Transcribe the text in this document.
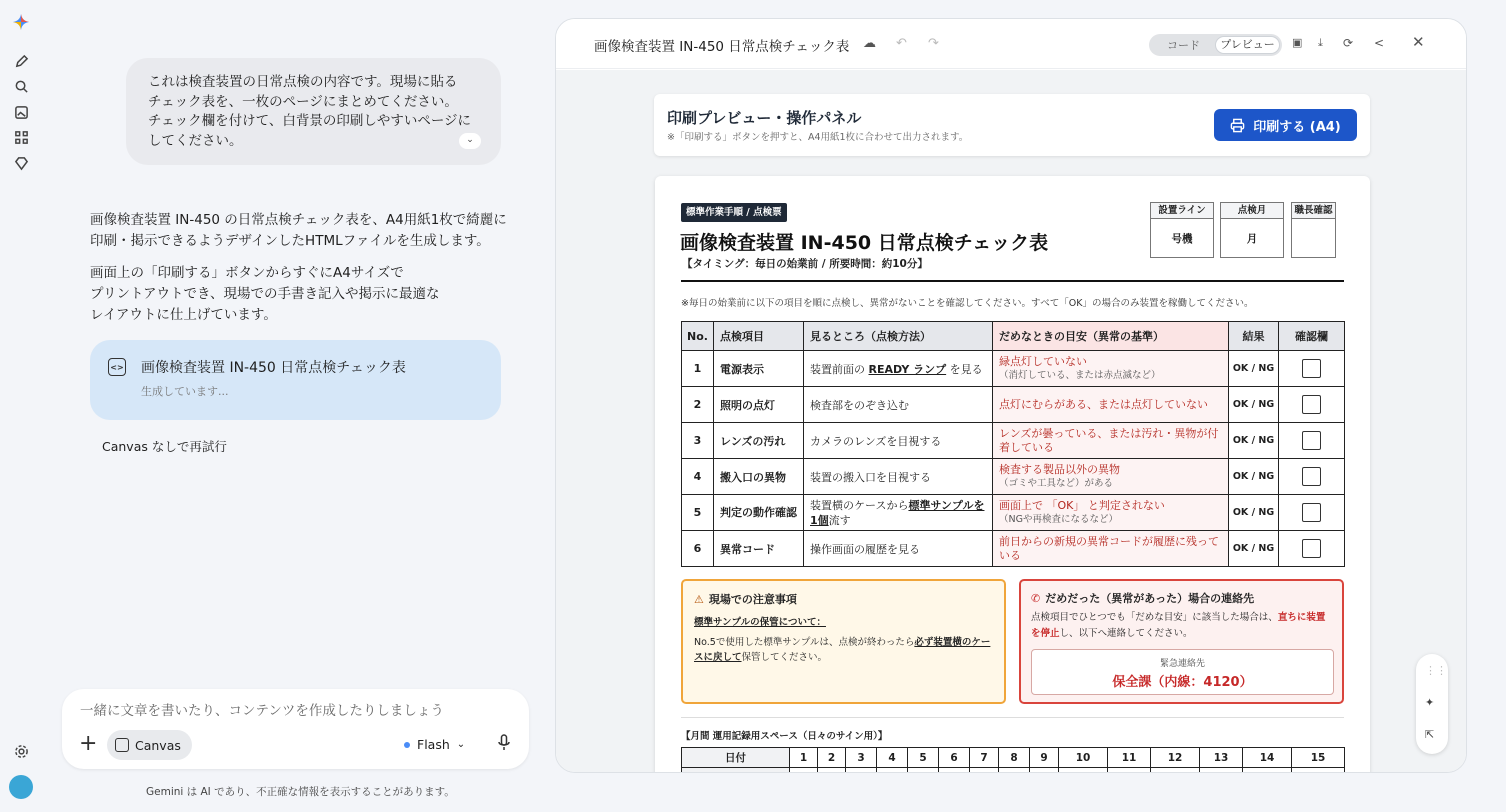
これは検査装置の日常点検の内容です。現場に貼る
チェック表を、一枚のページにまとめてください。
チェック欄を付けて、白背景の印刷しやすいページに
してください。	⌄

画像検査装置 IN-450 の日常点検チェック表を、A4用紙1枚で綺麗に
印刷・掲示できるようデザインしたHTMLファイルを生成します。

画面上の「印刷する」ボタンからすぐにA4サイズで
プリントアウトでき、現場での手書き記入や掲示に最適な
レイアウトに仕上げています。

<> 画像検査装置 IN-450 日常点検チェック表
生成しています...
Canvas なしで再試行
一緒に文章を書いたり、コンテンツを作成したりしましょう
+	Canvas	Flash ⌄
Gemini は AI であり、不正確な情報を表示することがあります。
画像検査装置 IN-450 日常点検チェック表 ☁ ↶ ↷	コード	プレビュー	▣ ⤓ ⟳ < ✕
印刷プレビュー・操作パネル
※「印刷する」ボタンを押すと、A4用紙1枚に合わせて出力されます。
印刷する (A4)
標準作業手順 / 点検票
画像検査装置 IN-450 日常点検チェック表
【タイミング：毎日の始業前 / 所要時間：約10分】
設置ライン
号機
点検月
月
職長確認
※毎日の始業前に以下の項目を順に点検し、異常がないことを確認してください。すべて「OK」の場合のみ装置を稼働してください。
No.	点検項目	見るところ（点検方法）	だめなときの目安（異常の基準）	結果	確認欄
1	電源表示	装置前面の READY ランプ を見る	緑点灯していない
（消灯している、または赤点滅など）	OK / NG	
2	照明の点灯	検査部をのぞき込む	点灯にむらがある、または点灯していない	OK / NG	
3	レンズの汚れ	カメラのレンズを目視する	レンズが曇っている、または汚れ・異物が付着している	OK / NG	
4	搬入口の異物	装置の搬入口を目視する	検査する製品以外の異物
（ゴミや工具など）がある	OK / NG	
5	判定の動作確認	装置横のケースから標準サンプルを1個流す	画面上で 「OK」 と判定されない
（NGや再検査になるなど）	OK / NG	
6	異常コード	操作画面の履歴を見る	前日からの新規の異常コードが履歴に残っている	OK / NG	
⚠ 現場での注意事項
標準サンプルの保管について：
No.5で使用した標準サンプルは、点検が終わったら必ず装置横のケースに戻して保管してください。
✆ だめだった（異常があった）場合の連絡先
点検項目でひとつでも「だめな目安」に該当した場合は、直ちに装置を停止し、以下へ連絡してください。
緊急連絡先
保全課（内線：4120）
【月間 運用記録用スペース（日々のサイン用）】
日付	1	2	3	4	5	6	7	8	9	10	11	12	13	14	15

⋮⋮
✦
⇱
